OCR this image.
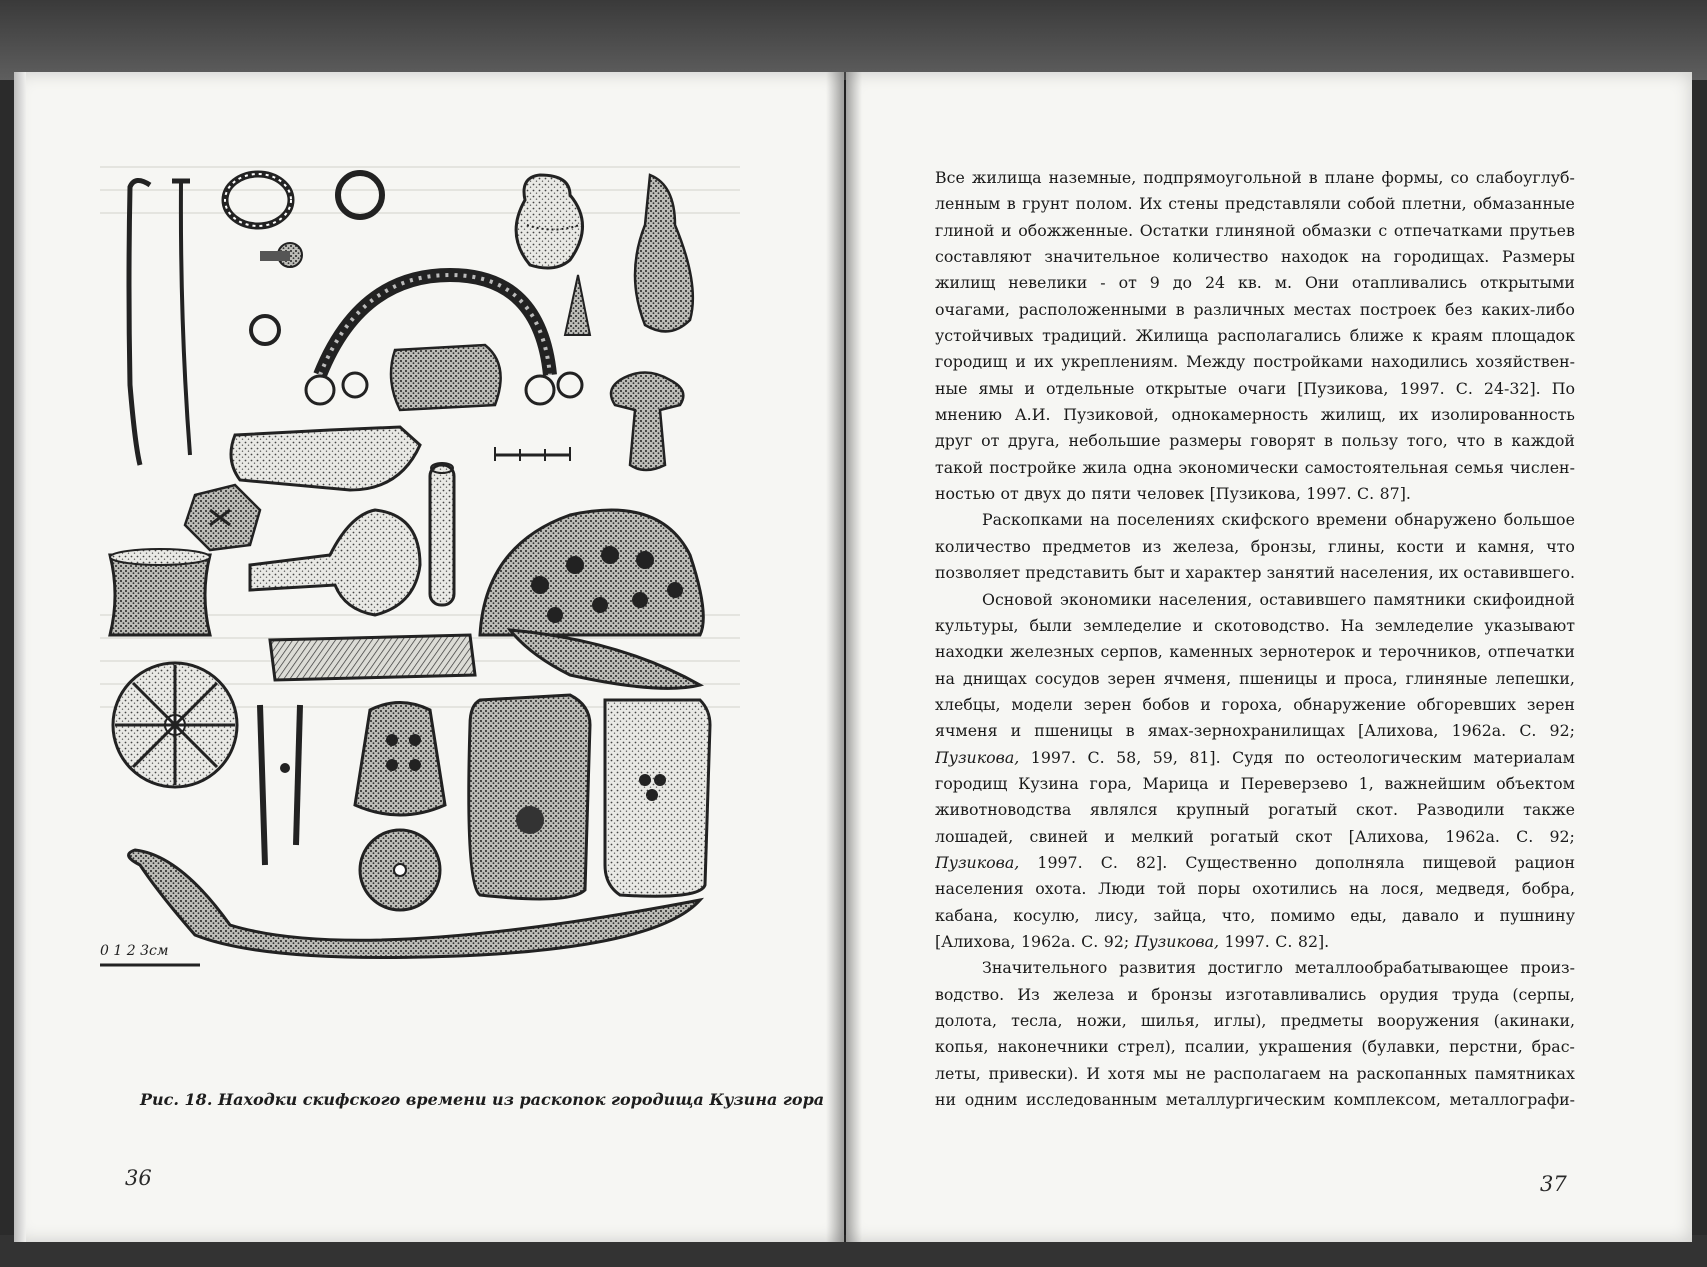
0 1 2 3см
Рис. 18. Находки скифского времени из раскопок городища Кузина гора
36	37
Все жилища наземные, подпрямоугольной в плане формы, со слабоуглуб-
ленным в грунт полом. Их стены представляли собой плетни, обмазанные
глиной и обожженные. Остатки глиняной обмазки с отпечатками прутьев
составляют значительное количество находок на городищах. Размеры
жилищ невелики - от 9 до 24 кв. м. Они отапливались открытыми
очагами, расположенными в различных местах построек без каких-либо
устойчивых традиций. Жилища располагались ближе к краям площадок
городищ и их укреплениям. Между постройками находились хозяйствен-
ные ямы и отдельные открытые очаги [Пузикова, 1997. С. 24-32]. По
мнению А.И. Пузиковой, однокамерность жилищ, их изолированность
друг от друга, небольшие размеры говорят в пользу того, что в каждой
такой постройке жила одна экономически самостоятельная семья числен-
ностью от двух до пяти человек [Пузикова, 1997. С. 87].
Раскопками на поселениях скифского времени обнаружено большое
количество предметов из железа, бронзы, глины, кости и камня, что
позволяет представить быт и характер занятий населения, их оставившего.
Основой экономики населения, оставившего памятники скифоидной
культуры, были земледелие и скотоводство. На земледелие указывают
находки железных серпов, каменных зернотерок и терочников, отпечатки
на днищах сосудов зерен ячменя, пшеницы и проса, глиняные лепешки,
хлебцы, модели зерен бобов и гороха, обнаружение обгоревших зерен
ячменя и пшеницы в ямах-зернохранилищах [Алихова, 1962а. С. 92;
Пузикова, 1997. С. 58, 59, 81]. Судя по остеологическим материалам
городищ Кузина гора, Марица и Переверзево 1, важнейшим объектом
животноводства являлся крупный рогатый скот. Разводили также
лошадей, свиней и мелкий рогатый скот [Алихова, 1962а. С. 92;
Пузикова, 1997. С. 82]. Существенно дополняла пищевой рацион
населения охота. Люди той поры охотились на лося, медведя, бобра,
кабана, косулю, лису, зайца, что, помимо еды, давало и пушнину
[Алихова, 1962а. С. 92; Пузикова, 1997. С. 82].
Значительного развития достигло металлообрабатывающее произ-
водство. Из железа и бронзы изготавливались орудия труда (серпы,
долота, тесла, ножи, шилья, иглы), предметы вооружения (акинаки,
копья, наконечники стрел), псалии, украшения (булавки, перстни, брас-
леты, привески). И хотя мы не располагаем на раскопанных памятниках
ни одним исследованным металлургическим комплексом, металлографи-
